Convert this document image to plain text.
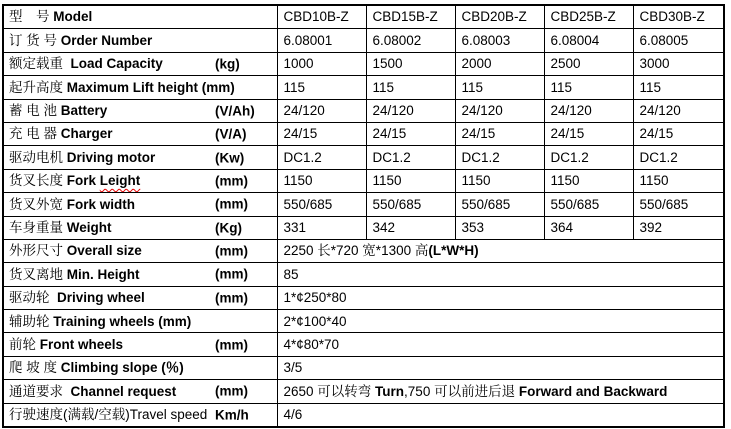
型　号 Model	CBD10B-Z	CBD15B-Z	CBD20B-Z	CBD25B-Z	CBD30B-Z
订 货 号 Order Number	6.08001	6.08002	6.08003	6.08004	6.08005
额定载重  Load Capacity (kg)	1000	1500	2000	2500	3000
起升高度 Maximum Lift height (mm)	115	115	115	115	115
蓄 电 池 Battery (V/Ah)	24/120	24/120	24/120	24/120	24/120
充 电 器 Charger (V/A)	24/15	24/15	24/15	24/15	24/15
驱动电机 Driving motor (Kw)	DC1.2	DC1.2	DC1.2	DC1.2	DC1.2
货叉长度 Fork Leight (mm)	1150	1150	1150	1150	1150
货叉外宽 Fork width (mm)	550/685	550/685	550/685	550/685	550/685
车身重量 Weight (Kg)	331	342	353	364	392
外形尺寸 Overall size (mm)	2250 长*720 宽*1300 高(L*W*H)				
货叉离地 Min. Height (mm)	85				
驱动轮  Driving wheel (mm)	1*¢250*80				
辅助轮 Training wheels (mm)	2*¢100*40				
前轮 Front wheels (mm)	4*¢80*70				
爬 坡 度 Climbing slope (％)	3/5				
通道要求  Channel request (mm)	2650 可以转弯 Turn,750 可以前进后退 Forward and Backward				
行驶速度(满载/空载)Travel speed Km/h	4/6				
